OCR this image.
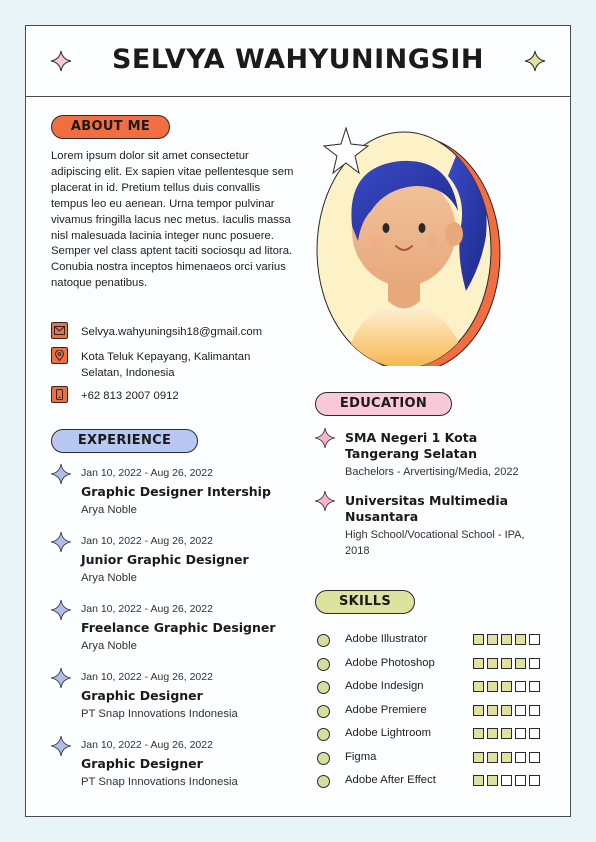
SELVYA WAHYUNINGSIH
ABOUT ME
Lorem ipsum dolor sit amet consectetur adipiscing elit. Ex sapien vitae pellentesque sem placerat in id. Pretium tellus duis convallis tempus leo eu aenean. Urna tempor pulvinar vivamus fringilla lacus nec metus. Iaculis massa nisl malesuada lacinia integer nunc posuere. Semper vel class aptent taciti sociosqu ad litora. Conubia nostra inceptos himenaeos orci varius natoque penatibus.
Selvya.wahyuningsih18@gmail.com
Kota Teluk Kepayang, Kalimantan Selatan, Indonesia
+62 813 2007 0912
EXPERIENCE
Jan 10, 2022 - Aug 26, 2022
Graphic Designer Intership
Arya Noble
Jan 10, 2022 - Aug 26, 2022
Junior Graphic Designer
Arya Noble
Jan 10, 2022 - Aug 26, 2022
Freelance Graphic Designer
Arya Noble
Jan 10, 2022 - Aug 26, 2022
Graphic Designer
PT Snap Innovations Indonesia
Jan 10, 2022 - Aug 26, 2022
Graphic Designer
PT Snap Innovations Indonesia
EDUCATION
SMA Negeri 1 Kota Tangerang Selatan
Bachelors - Arvertising/Media, 2022
Universitas Multimedia Nusantara
High School/Vocational School - IPA, 2018
SKILLS
Adobe Illustrator
Adobe Photoshop
Adobe Indesign
Adobe Premiere
Adobe Lightroom
Figma
Adobe After Effect
